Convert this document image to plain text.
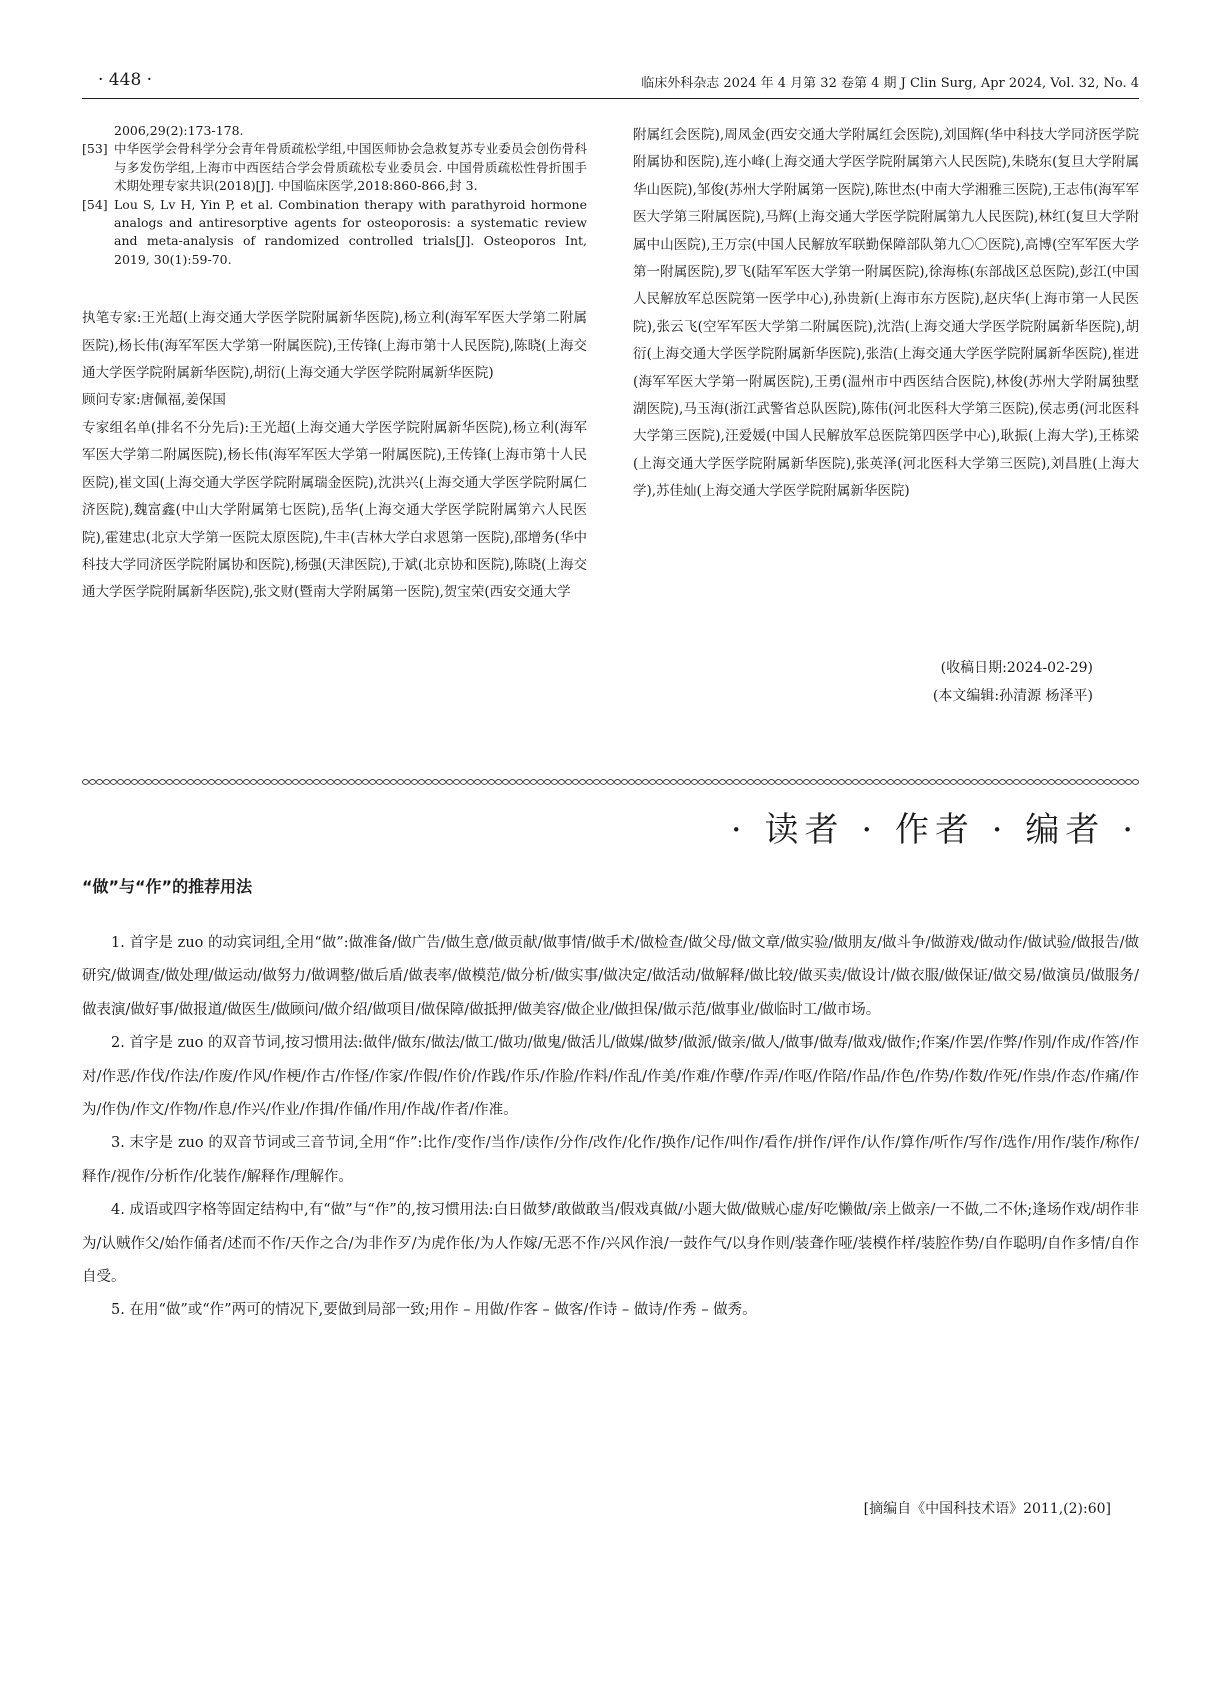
· 448 ·	临床外科杂志 2024 年 4 月第 32 卷第 4 期 J Clin Surg, Apr 2024, Vol. 32, No. 4
2006,29(2):173-178.
[53] 中华医学会骨科学分会青年骨质疏松学组,中国医师协会急救复苏专业委员会创伤骨科与多发伤学组,上海市中西医结合学会骨质疏松专业委员会. 中国骨质疏松性骨折围手术期处理专家共识(2018)[J]. 中国临床医学,2018:860-866,封 3.
[54] Lou S, Lv H, Yin P, et al. Combination therapy with parathyroid hormone analogs and antiresorptive agents for osteoporosis: a systematic review and meta-analysis of randomized controlled trials[J]. Osteoporos Int, 2019, 30(1):59-70.

执笔专家:王光超(上海交通大学医学院附属新华医院),杨立利(海军军医大学第二附属医院),杨长伟(海军军医大学第一附属医院),王传锋(上海市第十人民医院),陈晓(上海交通大学医学院附属新华医院),胡衍(上海交通大学医学院附属新华医院)

顾问专家:唐佩福,姜保国

专家组名单(排名不分先后):王光超(上海交通大学医学院附属新华医院),杨立利(海军军医大学第二附属医院),杨长伟(海军军医大学第一附属医院),王传锋(上海市第十人民医院),崔文国(上海交通大学医学院附属瑞金医院),沈洪兴(上海交通大学医学院附属仁济医院),魏富鑫(中山大学附属第七医院),岳华(上海交通大学医学院附属第六人民医院),霍建忠(北京大学第一医院太原医院),牛丰(吉林大学白求恩第一医院),邵增务(华中科技大学同济医学院附属协和医院),杨强(天津医院),于斌(北京协和医院),陈晓(上海交通大学医学院附属新华医院),张文财(暨南大学附属第一医院),贺宝荣(西安交通大学

附属红会医院),周凤金(西安交通大学附属红会医院),刘国辉(华中科技大学同济医学院附属协和医院),连小峰(上海交通大学医学院附属第六人民医院),朱晓东(复旦大学附属华山医院),邹俊(苏州大学附属第一医院),陈世杰(中南大学湘雅三医院),王志伟(海军军医大学第三附属医院),马辉(上海交通大学医学院附属第九人民医院),林红(复旦大学附属中山医院),王万宗(中国人民解放军联勤保障部队第九〇〇医院),高博(空军军医大学第一附属医院),罗飞(陆军军医大学第一附属医院),徐海栋(东部战区总医院),彭江(中国人民解放军总医院第一医学中心),孙贵新(上海市东方医院),赵庆华(上海市第一人民医院),张云飞(空军军医大学第二附属医院),沈浩(上海交通大学医学院附属新华医院),胡衍(上海交通大学医学院附属新华医院),张浩(上海交通大学医学院附属新华医院),崔进(海军军医大学第一附属医院),王勇(温州市中西医结合医院),林俊(苏州大学附属独墅湖医院),马玉海(浙江武警省总队医院),陈伟(河北医科大学第三医院),侯志勇(河北医科大学第三医院),汪爱媛(中国人民解放军总医院第四医学中心),耿振(上海大学),王栋梁(上海交通大学医学院附属新华医院),张英泽(河北医科大学第三医院),刘昌胜(上海大学),苏佳灿(上海交通大学医学院附属新华医院)

(收稿日期:2024-02-29)

(本文编辑:孙清源 杨泽平)

· 读者 · 作者 · 编者 ·
“做”与“作”的推荐用法

1. 首字是 zuo 的动宾词组,全用“做”:做准备/做广告/做生意/做贡献/做事情/做手术/做检查/做父母/做文章/做实验/做朋友/做斗争/做游戏/做动作/做试验/做报告/做研究/做调查/做处理/做运动/做努力/做调整/做后盾/做表率/做模范/做分析/做实事/做决定/做活动/做解释/做比较/做买卖/做设计/做衣服/做保证/做交易/做演员/做服务/做表演/做好事/做报道/做医生/做顾问/做介绍/做项目/做保障/做抵押/做美容/做企业/做担保/做示范/做事业/做临时工/做市场。

2. 首字是 zuo 的双音节词,按习惯用法:做伴/做东/做法/做工/做功/做鬼/做活儿/做媒/做梦/做派/做亲/做人/做事/做寿/做戏/做作;作案/作罢/作弊/作别/作成/作答/作对/作恶/作伐/作法/作废/作风/作梗/作古/作怪/作家/作假/作价/作践/作乐/作脸/作料/作乱/作美/作难/作孽/作弄/作呕/作陪/作品/作色/作势/作数/作死/作祟/作态/作痛/作为/作伪/作文/作物/作息/作兴/作业/作揖/作俑/作用/作战/作者/作准。

3. 末字是 zuo 的双音节词或三音节词,全用“作”:比作/变作/当作/读作/分作/改作/化作/换作/记作/叫作/看作/拼作/评作/认作/算作/听作/写作/选作/用作/装作/称作/释作/视作/分析作/化装作/解释作/理解作。

4. 成语或四字格等固定结构中,有“做”与“作”的,按习惯用法:白日做梦/敢做敢当/假戏真做/小题大做/做贼心虚/好吃懒做/亲上做亲/一不做,二不休;逢场作戏/胡作非为/认贼作父/始作俑者/述而不作/天作之合/为非作歹/为虎作伥/为人作嫁/无恶不作/兴风作浪/一鼓作气/以身作则/装聋作哑/装模作样/装腔作势/自作聪明/自作多情/自作自受。

5. 在用“做”或“作”两可的情况下,要做到局部一致;用作 – 用做/作客 – 做客/作诗 – 做诗/作秀 – 做秀。

[摘编自《中国科技术语》2011,(2):60]
